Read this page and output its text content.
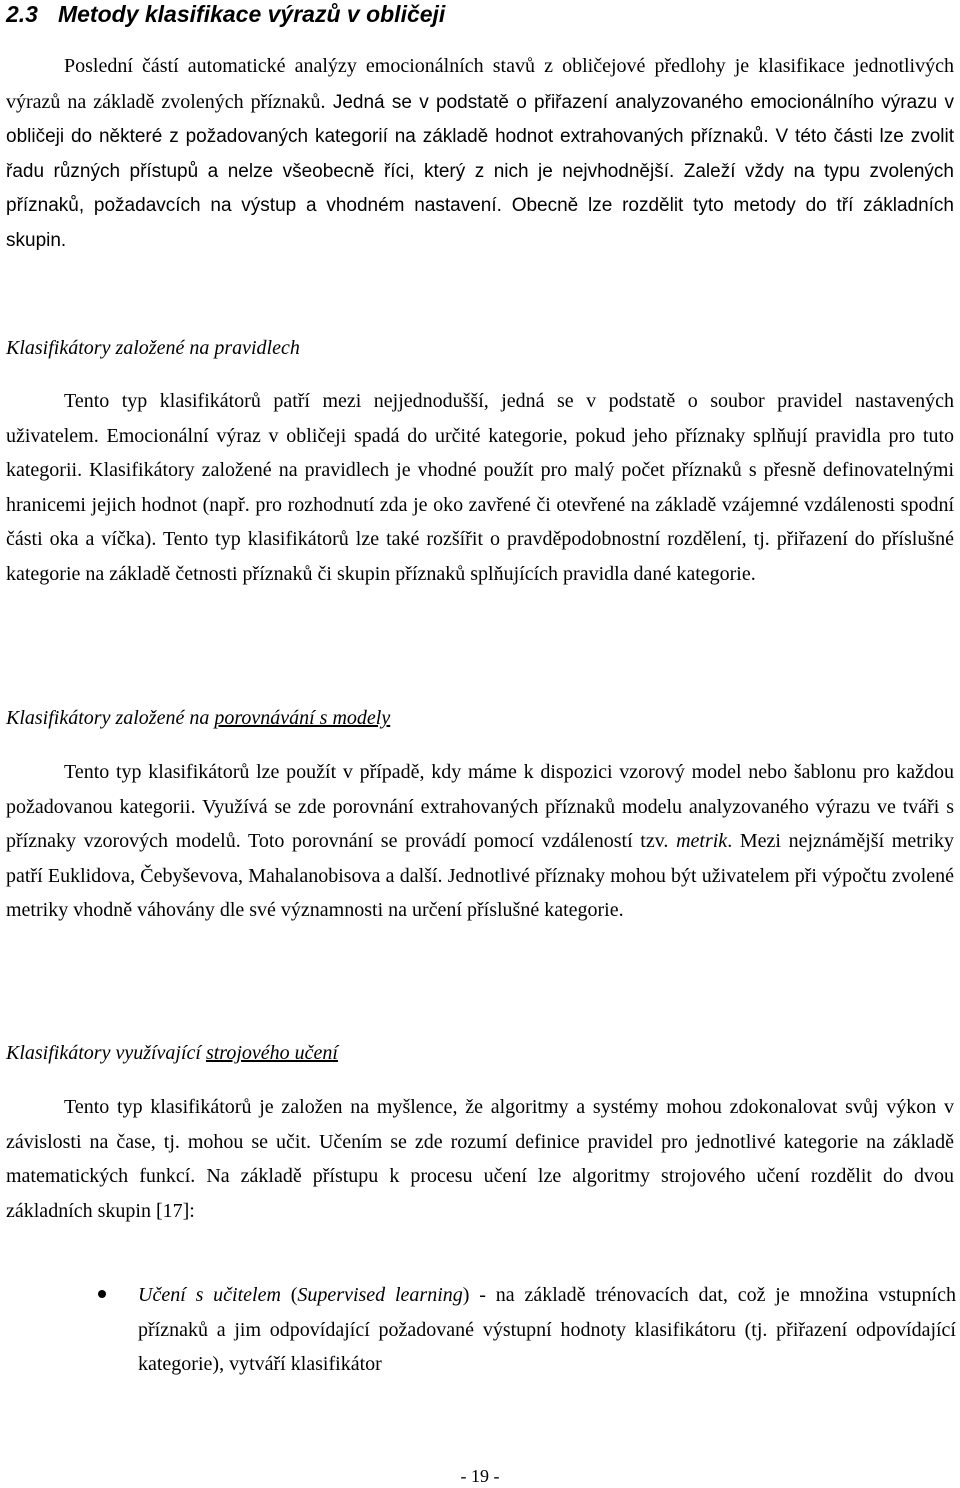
2.3 Metody klasifikace výrazů v obličeji

Poslední částí automatické analýzy emocionálních stavů z obličejové předlohy je klasifikace jednotlivých výrazů na základě zvolených příznaků. Jedná se v podstatě o přiřazení analyzovaného emocionálního výrazu v obličeji do některé z požadovaných kategorií na základě hodnot extrahovaných příznaků. V této části lze zvolit řadu různých přístupů a nelze všeobecně říci, který z nich je nejvhodnější. Zaleží vždy na typu zvolených příznaků, požadavcích na výstup a vhodném nastavení. Obecně lze rozdělit tyto metody do tří základních skupin.

Klasifikátory založené na pravidlech

Tento typ klasifikátorů patří mezi nejjednodušší, jedná se v podstatě o soubor pravidel nastavených uživatelem. Emocionální výraz v obličeji spadá do určité kategorie, pokud jeho příznaky splňují pravidla pro tuto kategorii. Klasifikátory založené na pravidlech je vhodné použít pro malý počet příznaků s přesně definovatelnými hranicemi jejich hodnot (např. pro rozhodnutí zda je oko zavřené či otevřené na základě vzájemné vzdálenosti spodní části oka a víčka). Tento typ klasifikátorů lze také rozšířit o pravděpodobnostní rozdělení, tj. přiřazení do příslušné kategorie na základě četnosti příznaků či skupin příznaků splňujících pravidla dané kategorie.

Klasifikátory založené na porovnávání s modely

Tento typ klasifikátorů lze použít v případě, kdy máme k dispozici vzorový model nebo šablonu pro každou požadovanou kategorii. Využívá se zde porovnání extrahovaných příznaků modelu analyzovaného výrazu ve tváři s příznaky vzorových modelů. Toto porovnání se provádí pomocí vzdáleností tzv. metrik. Mezi nejznámější metriky patří Euklidova, Čebyševova, Mahalanobisova a další. Jednotlivé příznaky mohou být uživatelem při výpočtu zvolené metriky vhodně váhovány dle své významnosti na určení příslušné kategorie.

Klasifikátory využívající strojového učení

Tento typ klasifikátorů je založen na myšlence, že algoritmy a systémy mohou zdokonalovat svůj výkon v závislosti na čase, tj. mohou se učit. Učením se zde rozumí definice pravidel pro jednotlivé kategorie na základě matematických funkcí. Na základě přístupu k procesu učení lze algoritmy strojového učení rozdělit do dvou základních skupin [17]:

Učení s učitelem (Supervised learning) - na základě trénovacích dat, což je množina vstupních příznaků a jim odpovídající požadované výstupní hodnoty klasifikátoru (tj. přiřazení odpovídající kategorie), vytváří klasifikátor

- 19 -
